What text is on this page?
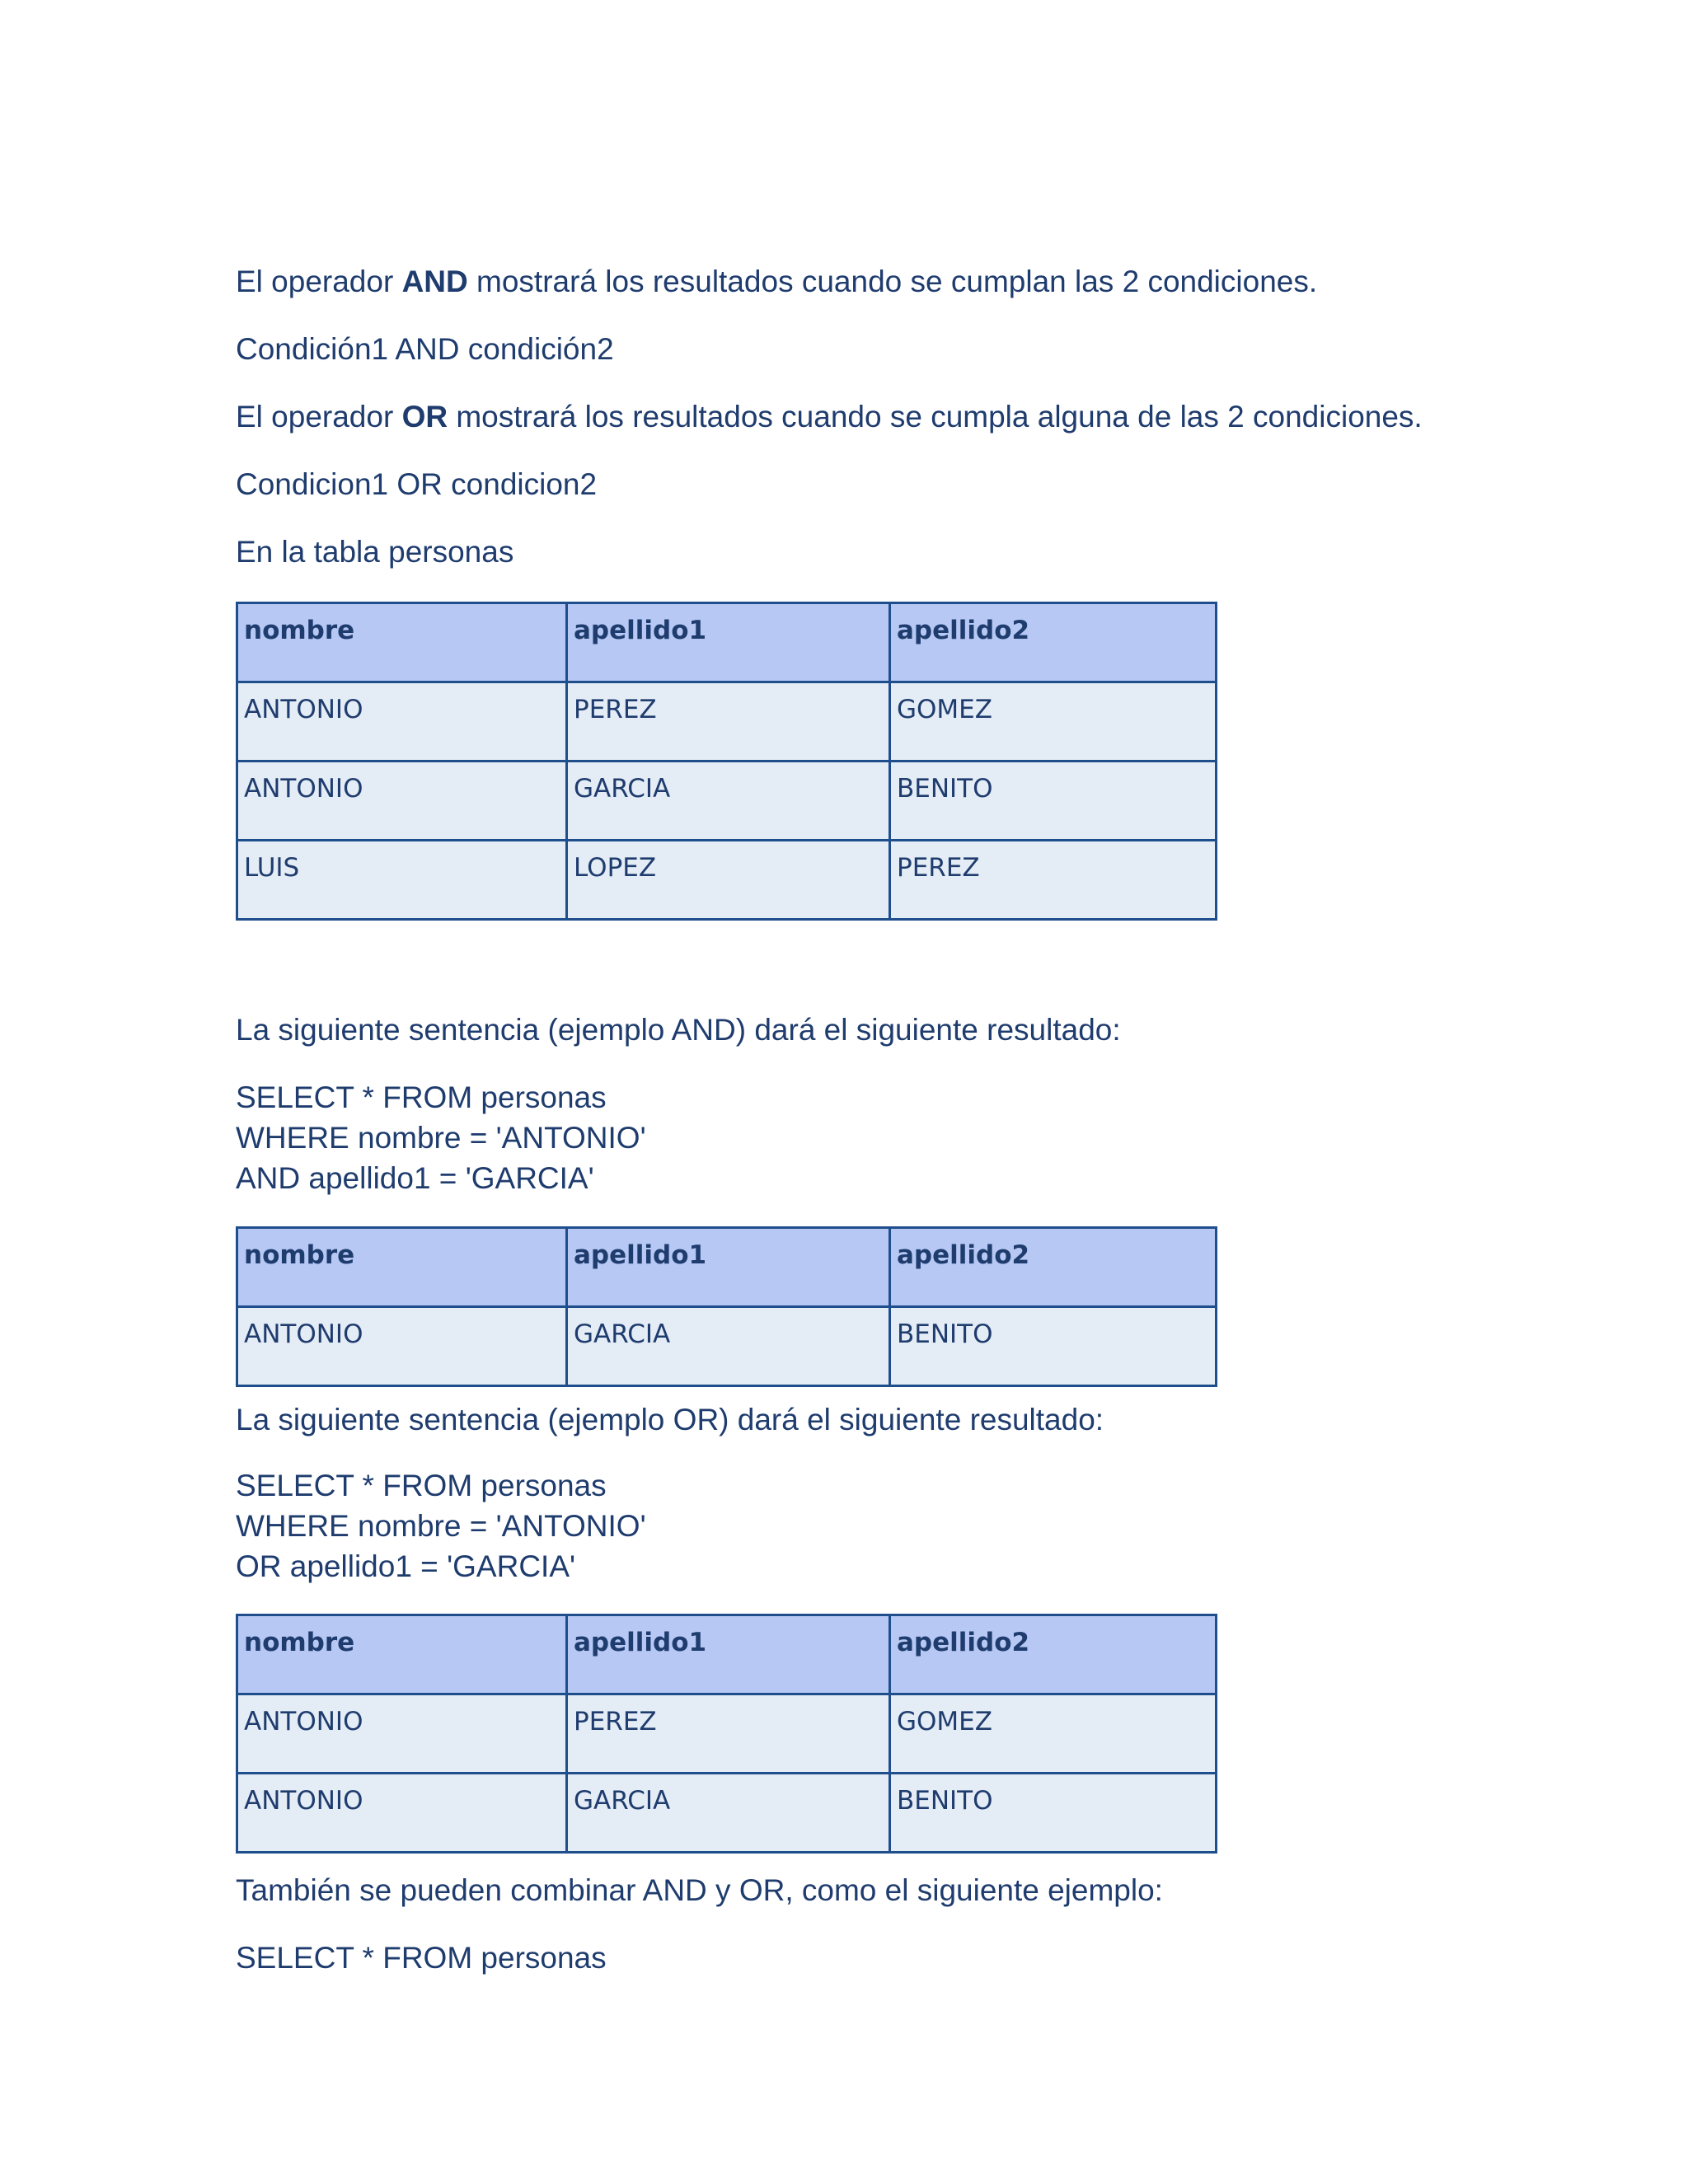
El operador AND mostrará los resultados cuando se cumplan las 2 condiciones.

Condición1 AND condición2

El operador OR mostrará los resultados cuando se cumpla alguna de las 2 condiciones.

Condicion1 OR condicion2

En la tabla personas

nombre	apellido1	apellido2
ANTONIO	PEREZ	GOMEZ
ANTONIO	GARCIA	BENITO
LUIS	LOPEZ	PEREZ

La siguiente sentencia (ejemplo AND) dará el siguiente resultado:

SELECT * FROM personas

WHERE nombre = 'ANTONIO'

AND apellido1 = 'GARCIA'

nombre	apellido1	apellido2
ANTONIO	GARCIA	BENITO

La siguiente sentencia (ejemplo OR) dará el siguiente resultado:

SELECT * FROM personas

WHERE nombre = 'ANTONIO'

OR apellido1 = 'GARCIA'

nombre	apellido1	apellido2
ANTONIO	PEREZ	GOMEZ
ANTONIO	GARCIA	BENITO

También se pueden combinar AND y OR, como el siguiente ejemplo:

SELECT * FROM personas
